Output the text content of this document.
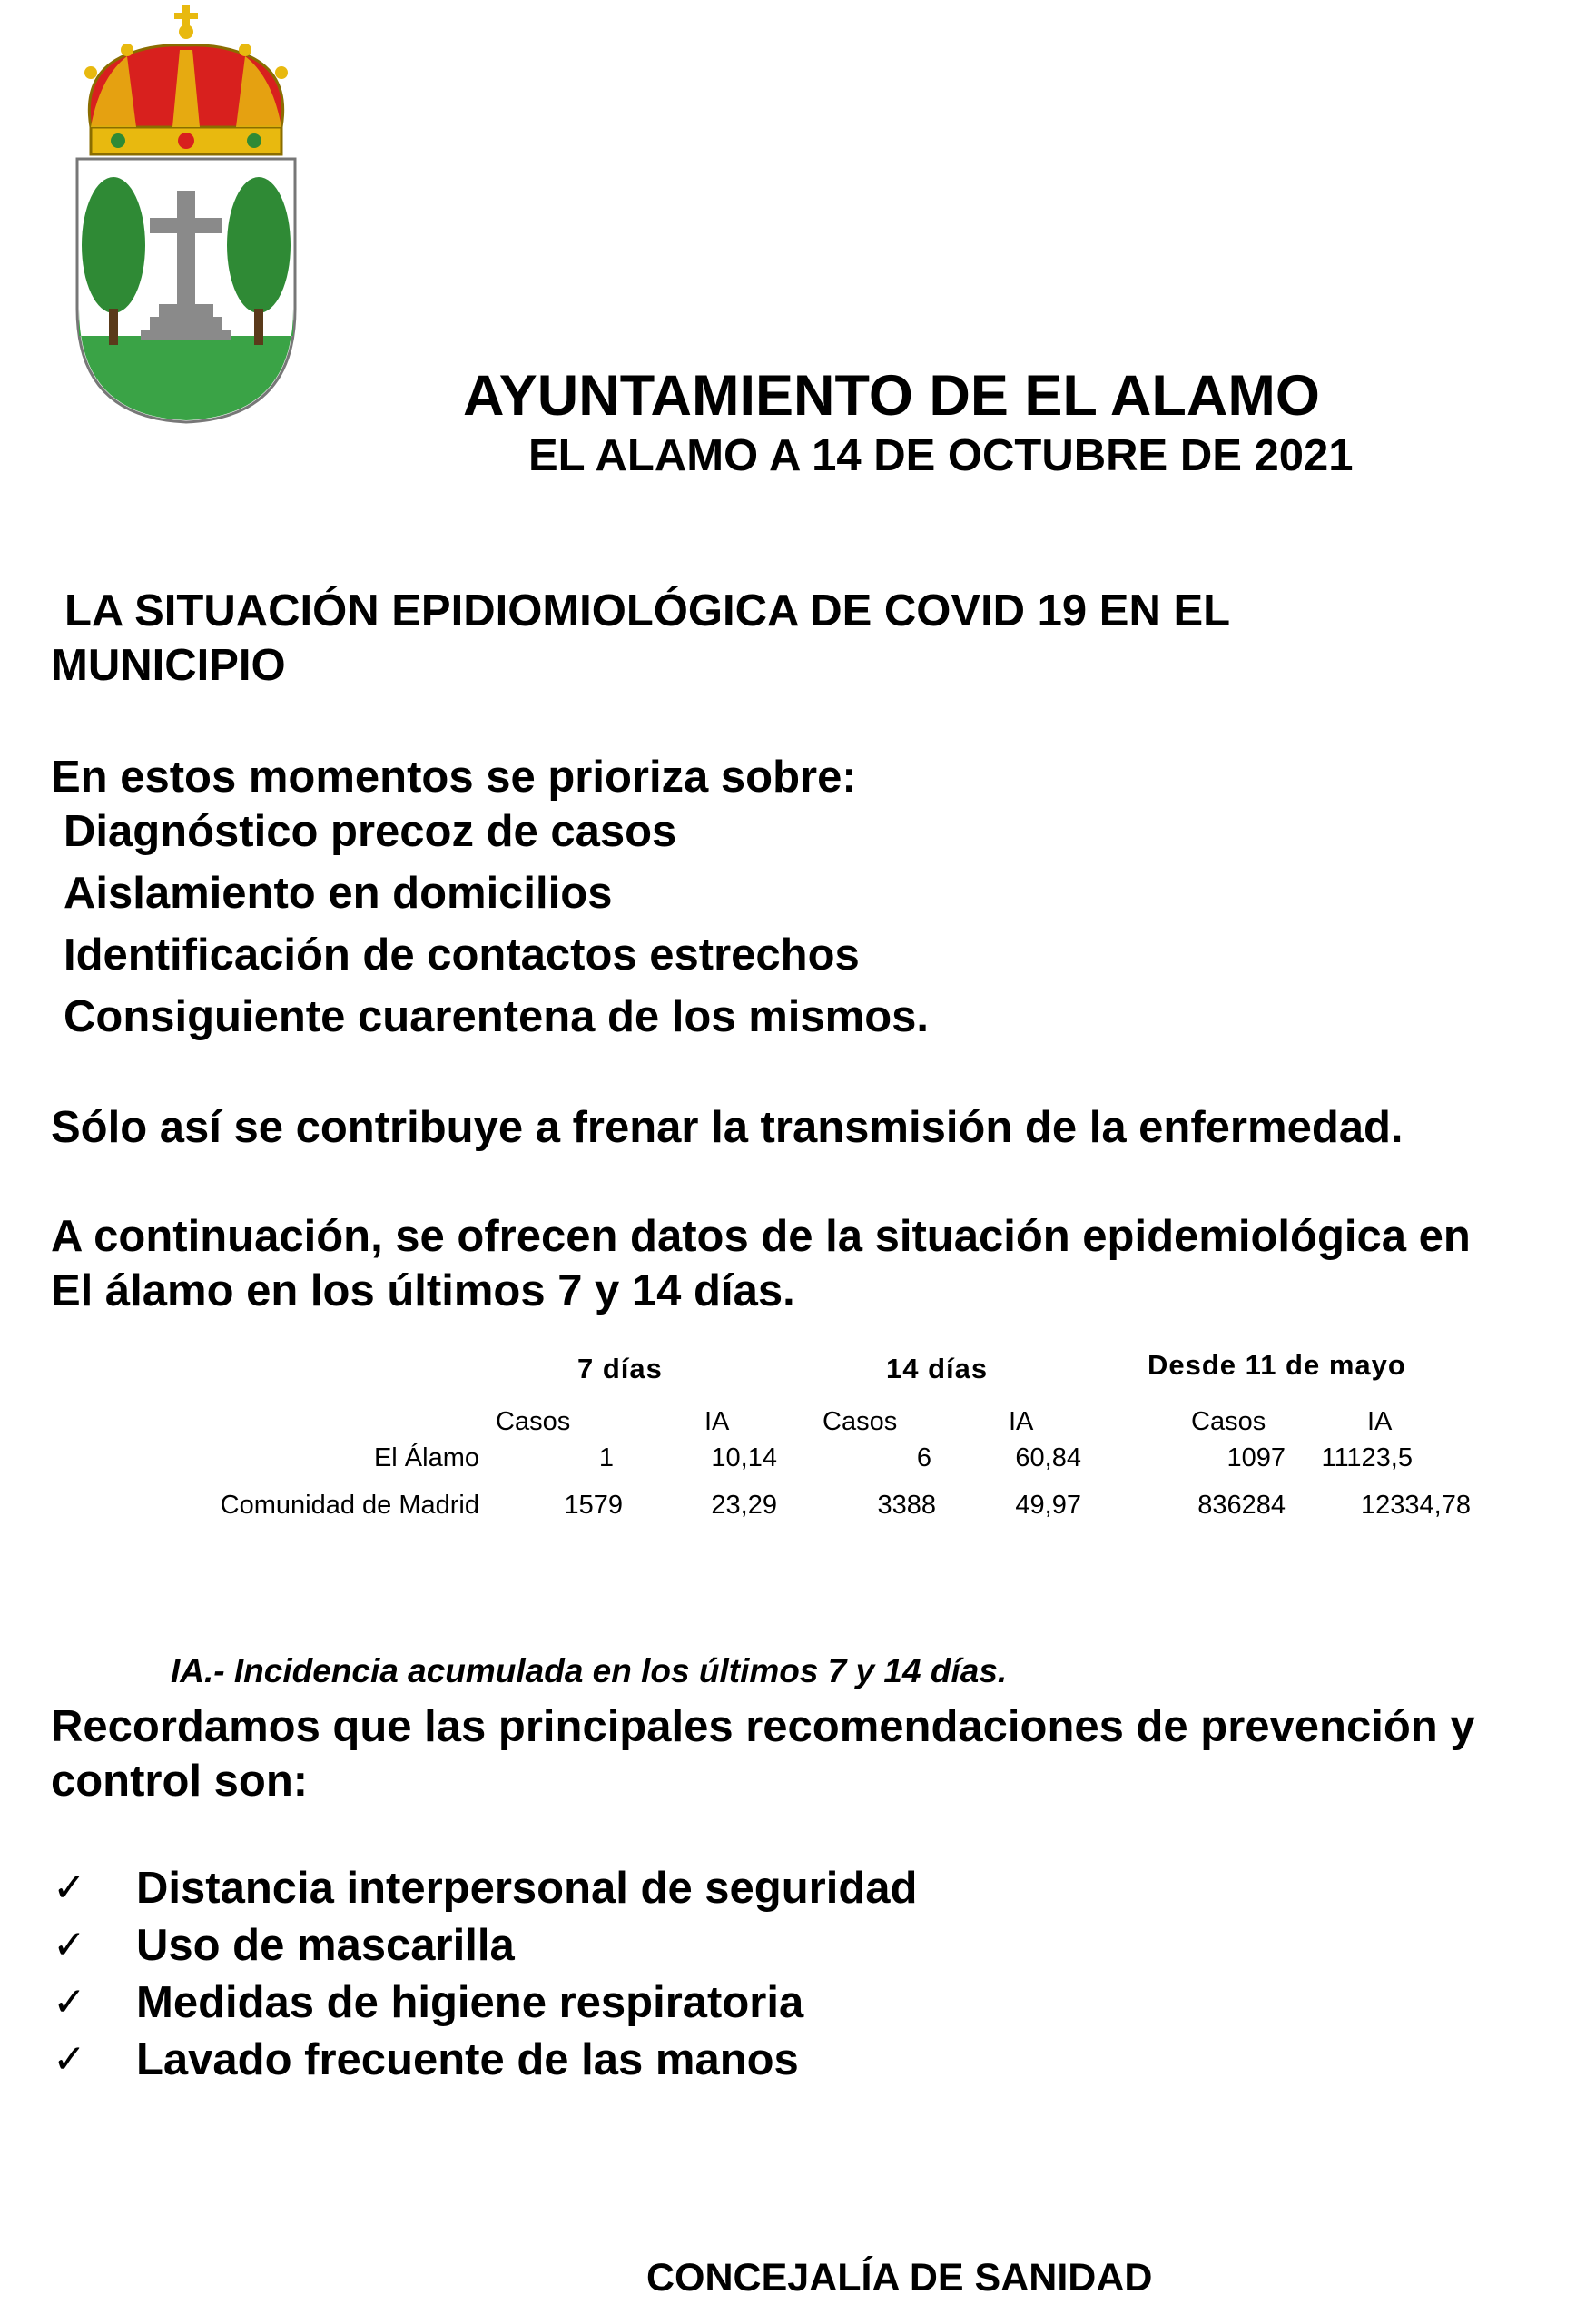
AYUNTAMIENTO DE EL ALAMO
EL ALAMO A 14 DE OCTUBRE DE 2021
LA SITUACIÓN EPIDIOMIOLÓGICA DE COVID 19 EN EL
MUNICIPIO
En estos momentos se prioriza sobre:
Diagnóstico precoz de casos
Aislamiento en domicilios
Identificación de contactos estrechos
Consiguiente cuarentena de los mismos.
Sólo así se contribuye a frenar la transmisión de la enfermedad.
A continuación, se ofrecen datos de la situación epidemiológica en El álamo en los últimos 7 y 14 días.
7 días	14 días	Desde 11 de mayo
Casos	IA	Casos	IA	Casos	IA
El Álamo	1	10,14	6	60,84	1097	11123,5
Comunidad de Madrid	1579	23,29	3388	49,97	836284	12334,78
IA.- Incidencia acumulada en los últimos 7 y 14 días.
Recordamos que las principales recomendaciones de prevención y control son:
✓ Distancia interpersonal de seguridad
✓ Uso de mascarilla
✓ Medidas de higiene respiratoria
✓ Lavado frecuente de las manos
CONCEJALÍA DE SANIDAD
